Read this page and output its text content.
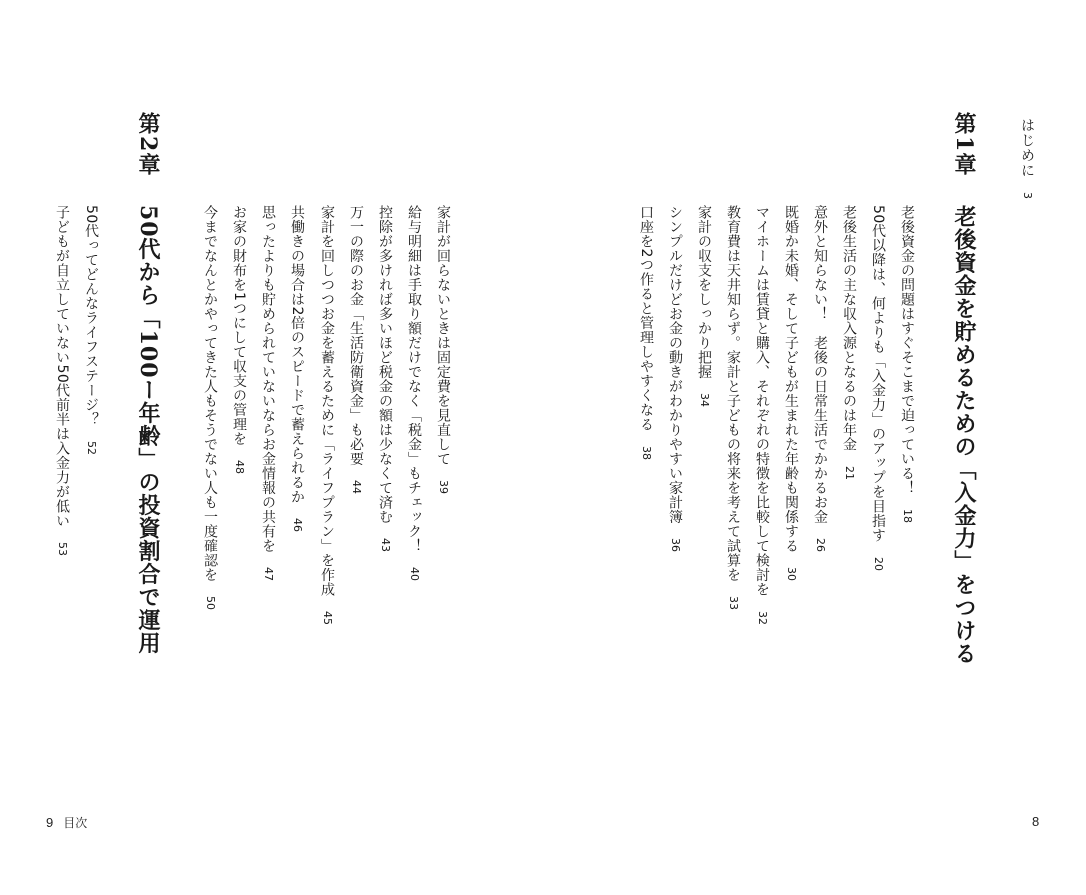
はじめに3
第1章
老後資金を貯めるための「入金力」をつける
老後資金の問題はすぐそこまで迫っている！18
50代以降は、何よりも「入金力」のアップを目指す20
老後生活の主な収入源となるのは年金21
意外と知らない！　老後の日常生活でかかるお金26
既婚か未婚、そして子どもが生まれた年齢も関係する30
マイホームは賃貸と購入、それぞれの特徴を比較して検討を32
教育費は天井知らず。家計と子どもの将来を考えて試算を33
家計の収支をしっかり把握34
シンプルだけどお金の動きがわかりやすい家計簿36
口座を2つ作ると管理しやすくなる38
8
家計が回らないときは固定費を見直して39
給与明細は手取り額だけでなく「税金」もチェック！40
控除が多ければ多いほど税金の額は少なくて済む43
万一の際のお金「生活防衛資金」も必要44
家計を回しつつお金を蓄えるために「ライフプラン」を作成45
共働きの場合は2倍のスピードで蓄えられるか46
思ったよりも貯められていないならお金情報の共有を47
お家の財布を1つにして収支の管理を48
今までなんとかやってきた人もそうでない人も一度確認を50
第2章
50代から「100ー年齢」の投資割合で運用
50代ってどんなライフステージ？52
子どもが自立していない50代前半は入金力が低い53
9 目次
